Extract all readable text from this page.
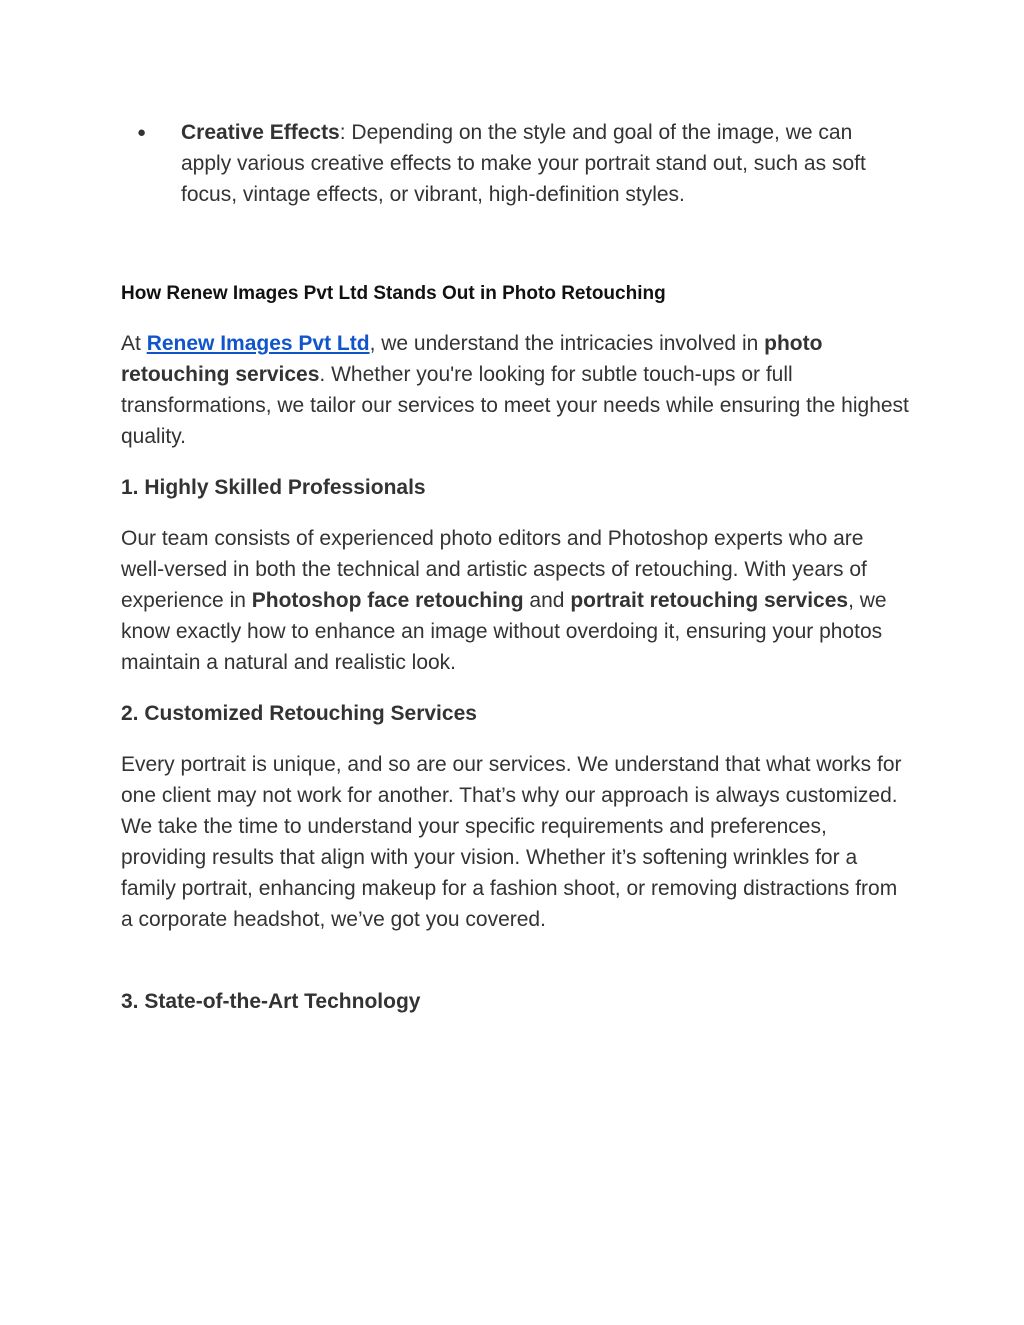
●	Creative Effects: Depending on the style and goal of the image, we can apply various creative effects to make your portrait stand out, such as soft focus, vintage effects, or vibrant, high-definition styles.
How Renew Images Pvt Ltd Stands Out in Photo Retouching

At Renew Images Pvt Ltd, we understand the intricacies involved in photo retouching services. Whether you're looking for subtle touch-ups or full transformations, we tailor our services to meet your needs while ensuring the highest quality.

1. Highly Skilled Professionals

Our team consists of experienced photo editors and Photoshop experts who are well-versed in both the technical and artistic aspects of retouching. With years of experience in Photoshop face retouching and portrait retouching services, we know exactly how to enhance an image without overdoing it, ensuring your photos maintain a natural and realistic look.

2. Customized Retouching Services

Every portrait is unique, and so are our services. We understand that what works for one client may not work for another. That’s why our approach is always customized. We take the time to understand your specific requirements and preferences, providing results that align with your vision. Whether it’s softening wrinkles for a family portrait, enhancing makeup for a fashion shoot, or removing distractions from a corporate headshot, we’ve got you covered.

3. State-of-the-Art Technology
